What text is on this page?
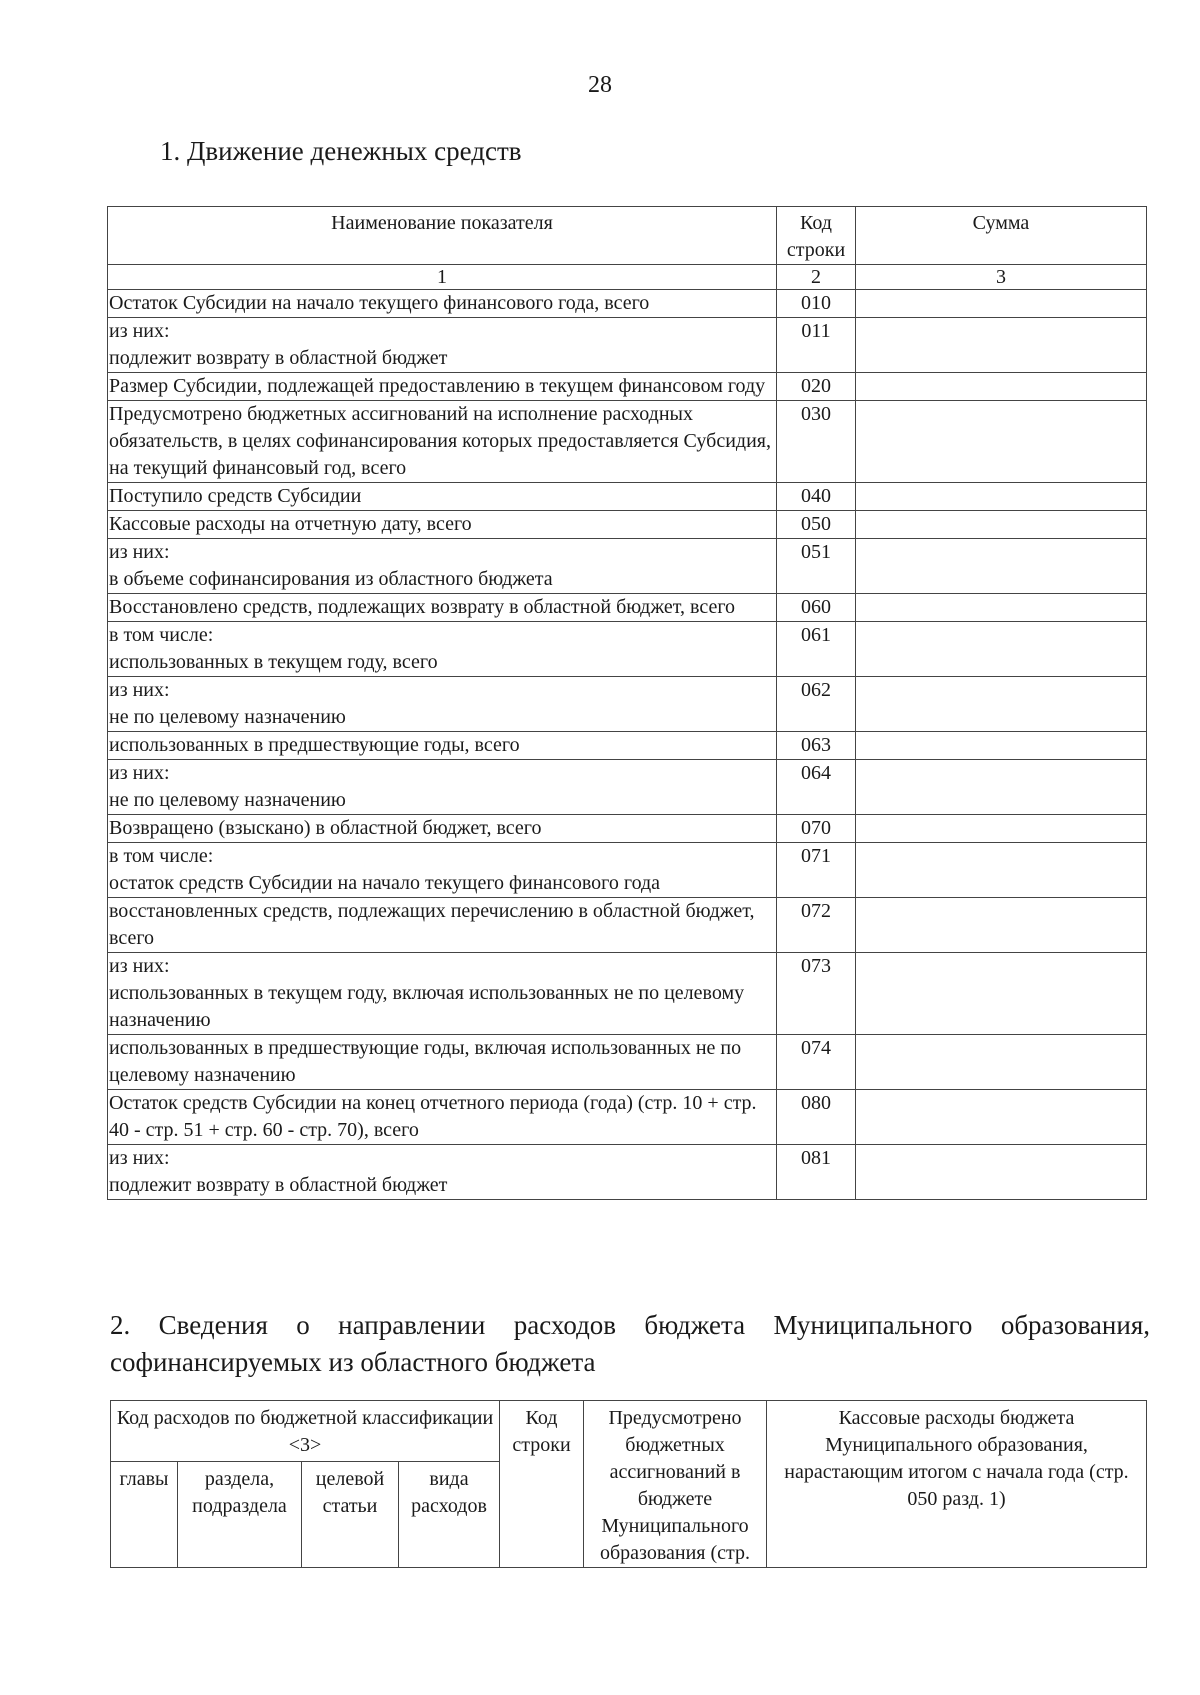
28
1. Движение денежных средств
Наименование показателя	Код строки	Сумма
1	2	3
Остаток Субсидии на начало текущего финансового года, всего	010	
из них:
подлежит возврату в областной бюджет	011	
Размер Субсидии, подлежащей предоставлению в текущем финансовом году	020	
Предусмотрено бюджетных ассигнований на исполнение расходных обязательств, в целях софинансирования которых предоставляется Субсидия, на текущий финансовый год, всего	030	
Поступило средств Субсидии	040	
Кассовые расходы на отчетную дату, всего	050	
из них:
в объеме софинансирования из областного бюджета	051	
Восстановлено средств, подлежащих возврату в областной бюджет, всего	060	
в том числе:
использованных в текущем году, всего	061	
из них:
не по целевому назначению	062	
использованных в предшествующие годы, всего	063	
из них:
не по целевому назначению	064	
Возвращено (взыскано) в областной бюджет, всего	070	
в том числе:
остаток средств Субсидии на начало текущего финансового года	071	
восстановленных средств, подлежащих перечислению в областной бюджет, всего	072	
из них:
использованных в текущем году, включая использованных не по целевому назначению	073	
использованных в предшествующие годы, включая использованных не по целевому назначению	074	
Остаток средств Субсидии на конец отчетного периода (года) (стр. 10 + стр. 40 - стр. 51 + стр. 60 - стр. 70), всего	080	
из них:
подлежит возврату в областной бюджет	081	
2. Сведения о направлении расходов бюджета Муниципального образования, софинансируемых из областного бюджета
Код расходов по бюджетной классификации <3>				Код строки	Предусмотрено бюджетных ассигнований в бюджете Муниципального образования (стр.	Кассовые расходы бюджета Муниципального образования, нарастающим итогом с начала года (стр. 050 разд. 1)
главы	раздела, подраздела	целевой статьи	вида расходов			
